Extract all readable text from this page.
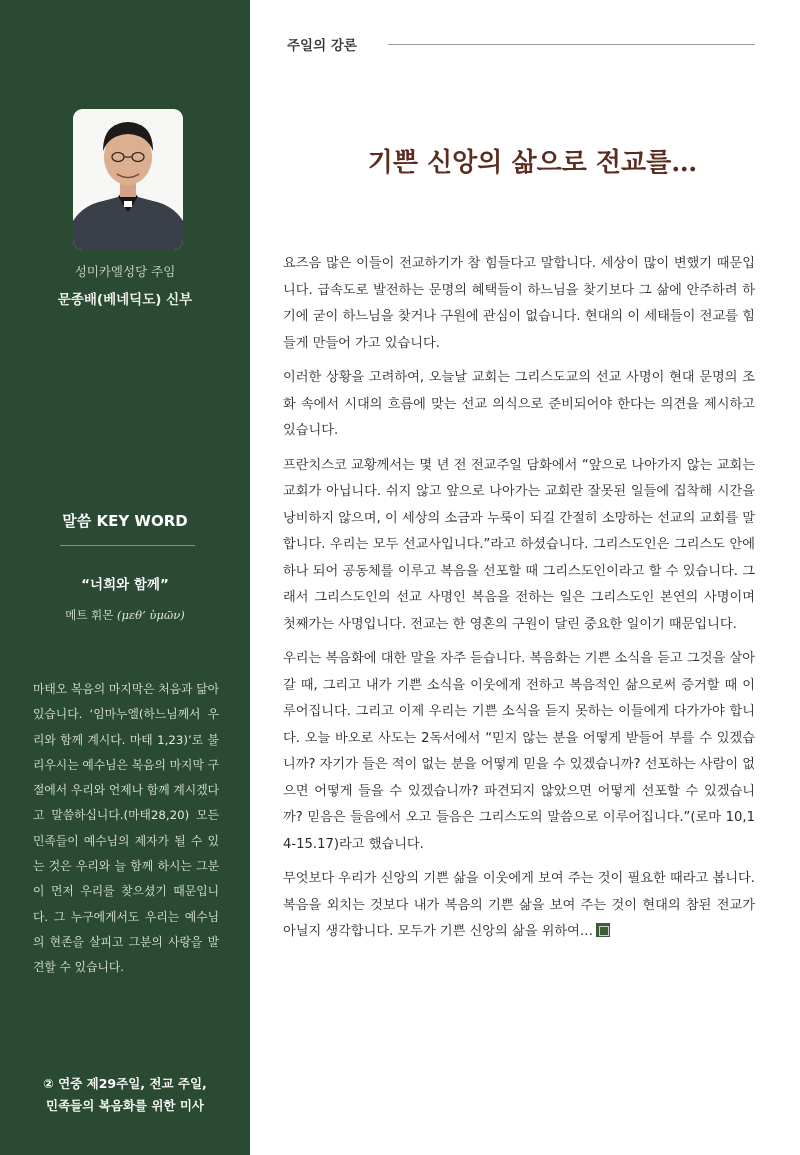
성미카엘성당 주임
문종배(베네딕도) 신부
말씀 KEY WORD
“너희와 함께”
메트 휘몬 (μεθ’ ὑμῶν)
마태오 복음의 마지막은 처음과 닮아 있습니다. ‘임마누엘(하느님께서 우리와 함께 계시다. 마태 1,23)’로 불리우시는 예수님은 복음의 마지막 구절에서 우리와 언제나 함께 계시겠다고 말씀하십니다.(마태28,20) 모든 민족들이 예수님의 제자가 될 수 있는 것은 우리와 늘 함께 하시는 그분이 먼저 우리를 찾으셨기 때문입니다. 그 누구에게서도 우리는 예수님의 현존을 살피고 그분의 사랑을 발견할 수 있습니다.
② 연중 제29주일, 전교 주일,
민족들의 복음화를 위한 미사
주일의 강론
기쁜 신앙의 삶으로 전교를…

요즈음 많은 이들이 전교하기가 참 힘들다고 말합니다. 세상이 많이 변했기 때문입니다. 급속도로 발전하는 문명의 혜택들이 하느님을 찾기보다 그 삶에 안주하려 하기에 굳이 하느님을 찾거나 구원에 관심이 없습니다. 현대의 이 세태들이 전교를 힘들게 만들어 가고 있습니다.

이러한 상황을 고려하여, 오늘날 교회는 그리스도교의 선교 사명이 현대 문명의 조화 속에서 시대의 흐름에 맞는 선교 의식으로 준비되어야 한다는 의견을 제시하고 있습니다.

프란치스코 교황께서는 몇 년 전 전교주일 담화에서 “앞으로 나아가지 않는 교회는 교회가 아닙니다. 쉬지 않고 앞으로 나아가는 교회란 잘못된 일들에 집착해 시간을 낭비하지 않으며, 이 세상의 소금과 누룩이 되길 간절히 소망하는 선교의 교회를 말합니다. 우리는 모두 선교사입니다.”라고 하셨습니다. 그리스도인은 그리스도 안에 하나 되어 공동체를 이루고 복음을 선포할 때 그리스도인이라고 할 수 있습니다. 그래서 그리스도인의 선교 사명인 복음을 전하는 일은 그리스도인 본연의 사명이며 첫째가는 사명입니다. 전교는 한 영혼의 구원이 달린 중요한 일이기 때문입니다.

우리는 복음화에 대한 말을 자주 듣습니다. 복음화는 기쁜 소식을 듣고 그것을 살아갈 때, 그리고 내가 기쁜 소식을 이웃에게 전하고 복음적인 삶으로써 증거할 때 이루어집니다. 그리고 이제 우리는 기쁜 소식을 듣지 못하는 이들에게 다가가야 합니다. 오늘 바오로 사도는 2독서에서 “믿지 않는 분을 어떻게 받들어 부를 수 있겠습니까? 자기가 들은 적이 없는 분을 어떻게 믿을 수 있겠습니까? 선포하는 사람이 없으면 어떻게 들을 수 있겠습니까? 파견되지 않았으면 어떻게 선포할 수 있겠습니까? 믿음은 들음에서 오고 들음은 그리스도의 말씀으로 이루어집니다.”(로마 10,14-15.17)라고 했습니다.

무엇보다 우리가 신앙의 기쁜 삶을 이웃에게 보여 주는 것이 필요한 때라고 봅니다. 복음을 외치는 것보다 내가 복음의 기쁜 삶을 보여 주는 것이 현대의 참된 전교가 아닐지 생각합니다. 모두가 기쁜 신앙의 삶을 위하여…
